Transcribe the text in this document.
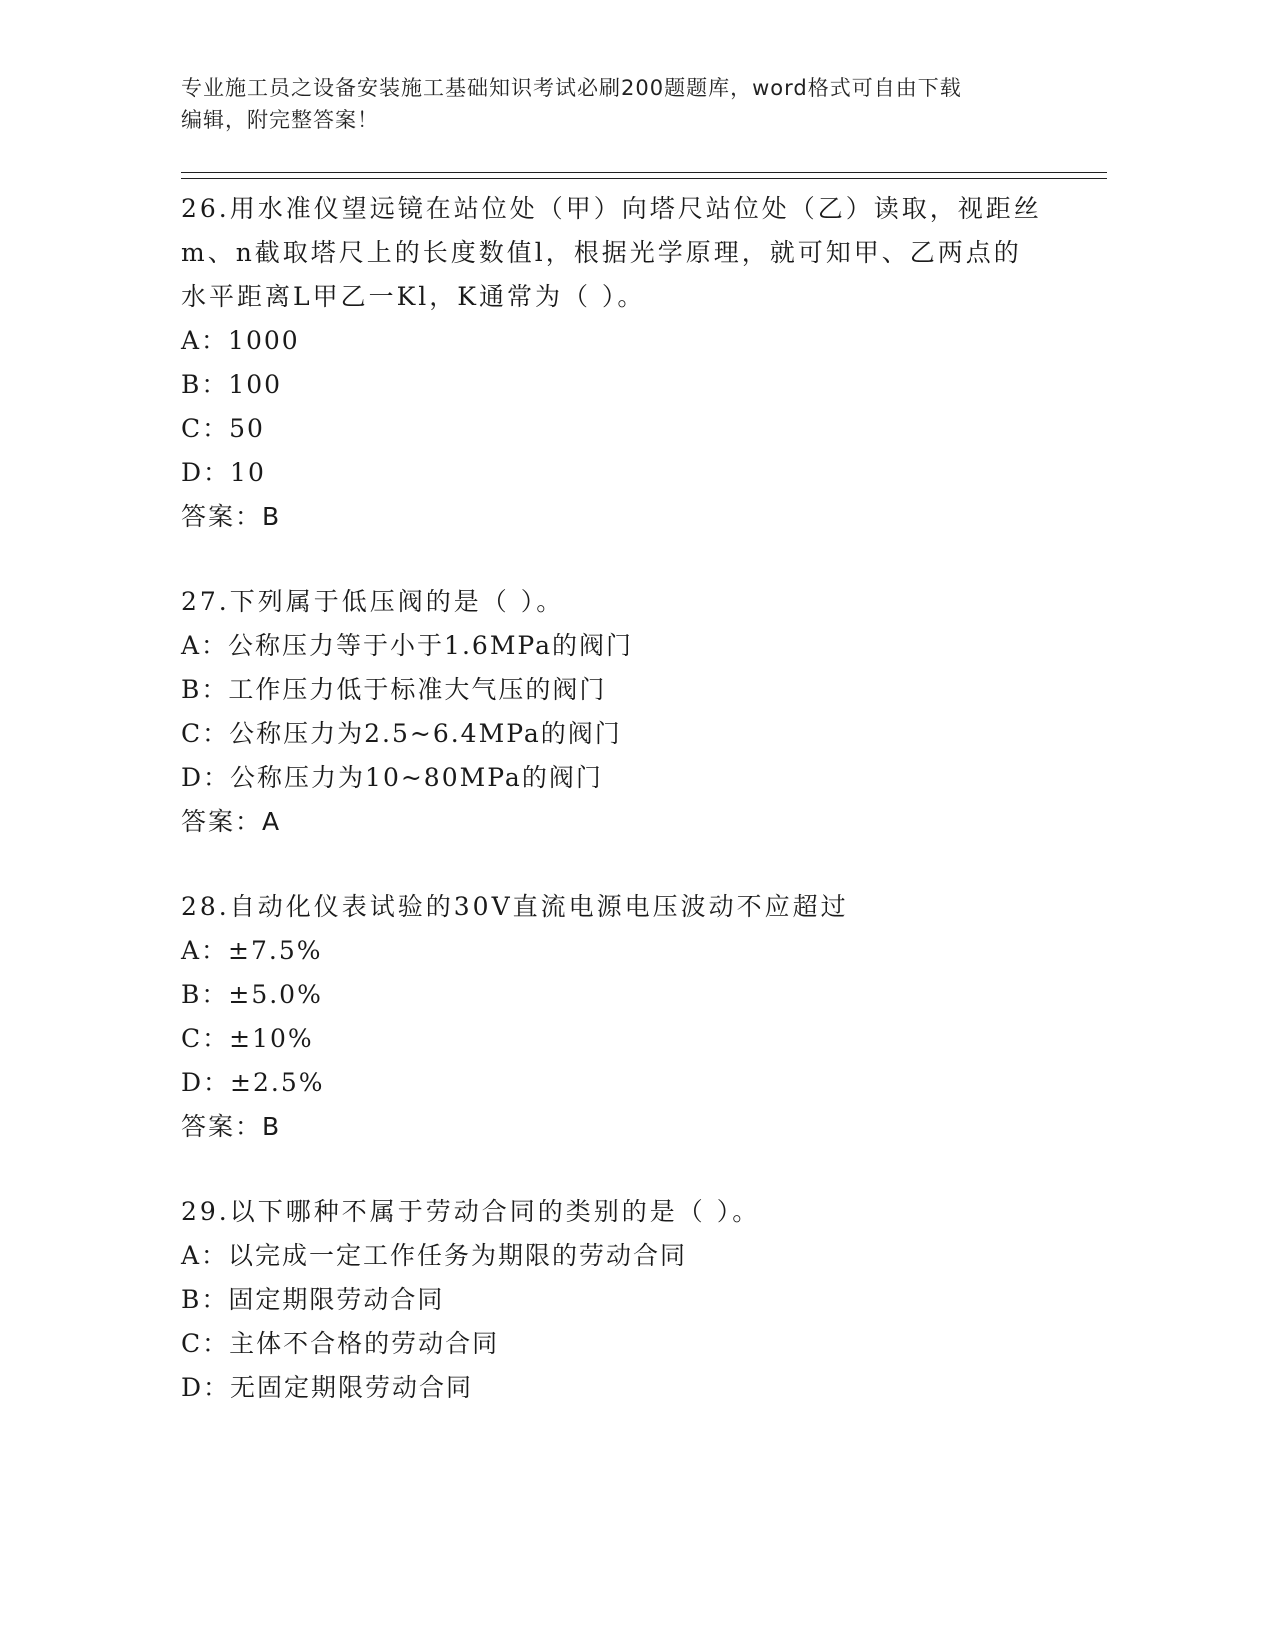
专业施工员之设备安装施工基础知识考试必刷200题题库，word格式可自由下载
编辑，附完整答案！

26.用水准仪望远镜在站位处（甲）向塔尺站位处（乙）读取，视距丝

m、n截取塔尺上的长度数值l，根据光学原理，就可知甲、乙两点的

水平距离L甲乙一Kl，K通常为（ ）。

A：1000

B：100

C：50

D：10

答案：B

27.下列属于低压阀的是（ ）。

A：公称压力等于小于1.6MPa的阀门

B：工作压力低于标准大气压的阀门

C：公称压力为2.5~6.4MPa的阀门

D：公称压力为10~80MPa的阀门

答案：A

28.自动化仪表试验的30V直流电源电压波动不应超过

A：±7.5%

B：±5.0%

C：±10%

D：±2.5%

答案：B

29.以下哪种不属于劳动合同的类别的是（ ）。

A：以完成一定工作任务为期限的劳动合同

B：固定期限劳动合同

C：主体不合格的劳动合同

D：无固定期限劳动合同
